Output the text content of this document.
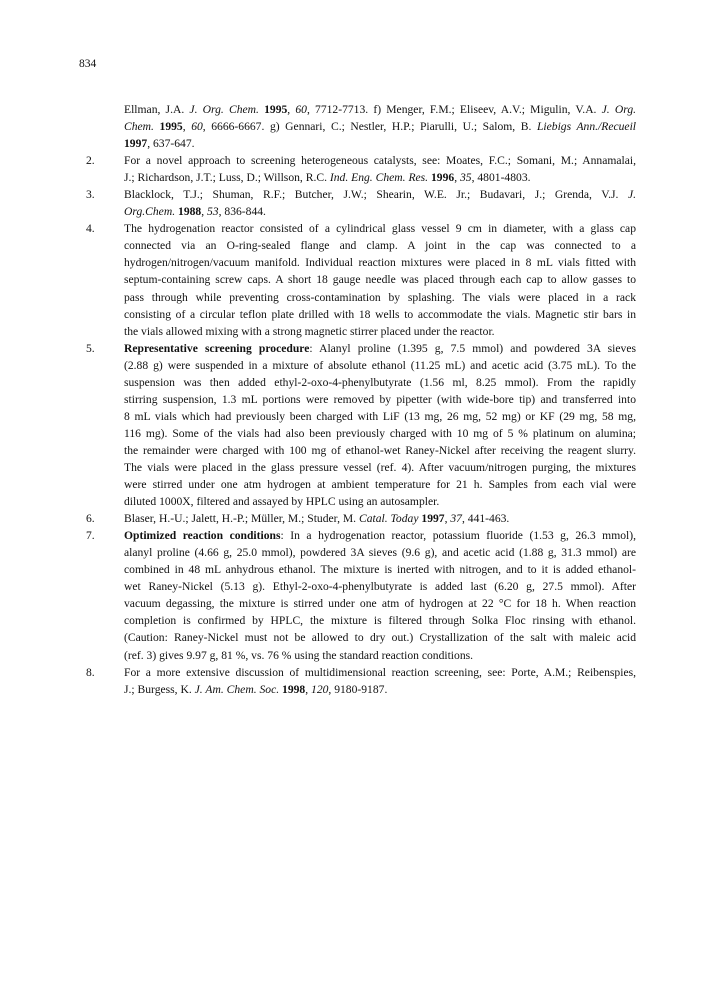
834
Ellman, J.A. J. Org. Chem. 1995, 60, 7712-7713. f) Menger, F.M.; Eliseev, A.V.; Migulin, V.A. J. Org.
Chem. 1995, 60, 6666-6667. g) Gennari, C.; Nestler, H.P.; Piarulli, U.; Salom, B. Liebigs Ann./Recueil
1997, 637-647.
2.	For a novel approach to screening heterogeneous catalysts, see: Moates, F.C.; Somani, M.; Annamalai,
J.; Richardson, J.T.; Luss, D.; Willson, R.C. Ind. Eng. Chem. Res. 1996, 35, 4801-4803.
3.	Blacklock, T.J.; Shuman, R.F.; Butcher, J.W.; Shearin, W.E. Jr.; Budavari, J.; Grenda, V.J. J.
Org.Chem. 1988, 53, 836-844.
4.	The hydrogenation reactor consisted of a cylindrical glass vessel 9 cm in diameter, with a glass cap
connected via an O-ring-sealed flange and clamp. A joint in the cap was connected to a
hydrogen/nitrogen/vacuum manifold. Individual reaction mixtures were placed in 8 mL vials fitted with
septum-containing screw caps. A short 18 gauge needle was placed through each cap to allow gasses to
pass through while preventing cross-contamination by splashing. The vials were placed in a rack
consisting of a circular teflon plate drilled with 18 wells to accommodate the vials. Magnetic stir bars in
the vials allowed mixing with a strong magnetic stirrer placed under the reactor.
5.	Representative screening procedure: Alanyl proline (1.395 g, 7.5 mmol) and powdered 3A sieves
(2.88 g) were suspended in a mixture of absolute ethanol (11.25 mL) and acetic acid (3.75 mL). To the
suspension was then added ethyl-2-oxo-4-phenylbutyrate (1.56 ml, 8.25 mmol). From the rapidly
stirring suspension, 1.3 mL portions were removed by pipetter (with wide-bore tip) and transferred into
8 mL vials which had previously been charged with LiF (13 mg, 26 mg, 52 mg) or KF (29 mg, 58 mg,
116 mg). Some of the vials had also been previously charged with 10 mg of 5 % platinum on alumina;
the remainder were charged with 100 mg of ethanol-wet Raney-Nickel after receiving the reagent slurry.
The vials were placed in the glass pressure vessel (ref. 4). After vacuum/nitrogen purging, the mixtures
were stirred under one atm hydrogen at ambient temperature for 21 h. Samples from each vial were
diluted 1000X, filtered and assayed by HPLC using an autosampler.
6.	Blaser, H.-U.; Jalett, H.-P.; Müller, M.; Studer, M. Catal. Today 1997, 37, 441-463.
7.	Optimized reaction conditions: In a hydrogenation reactor, potassium fluoride (1.53 g, 26.3 mmol),
alanyl proline (4.66 g, 25.0 mmol), powdered 3A sieves (9.6 g), and acetic acid (1.88 g, 31.3 mmol) are
combined in 48 mL anhydrous ethanol. The mixture is inerted with nitrogen, and to it is added ethanol-
wet Raney-Nickel (5.13 g). Ethyl-2-oxo-4-phenylbutyrate is added last (6.20 g, 27.5 mmol). After
vacuum degassing, the mixture is stirred under one atm of hydrogen at 22 °C for 18 h. When reaction
completion is confirmed by HPLC, the mixture is filtered through Solka Floc rinsing with ethanol.
(Caution: Raney-Nickel must not be allowed to dry out.) Crystallization of the salt with maleic acid
(ref. 3) gives 9.97 g, 81 %, vs. 76 % using the standard reaction conditions.
8.	For a more extensive discussion of multidimensional reaction screening, see: Porte, A.M.; Reibenspies,
J.; Burgess, K. J. Am. Chem. Soc. 1998, 120, 9180-9187.
